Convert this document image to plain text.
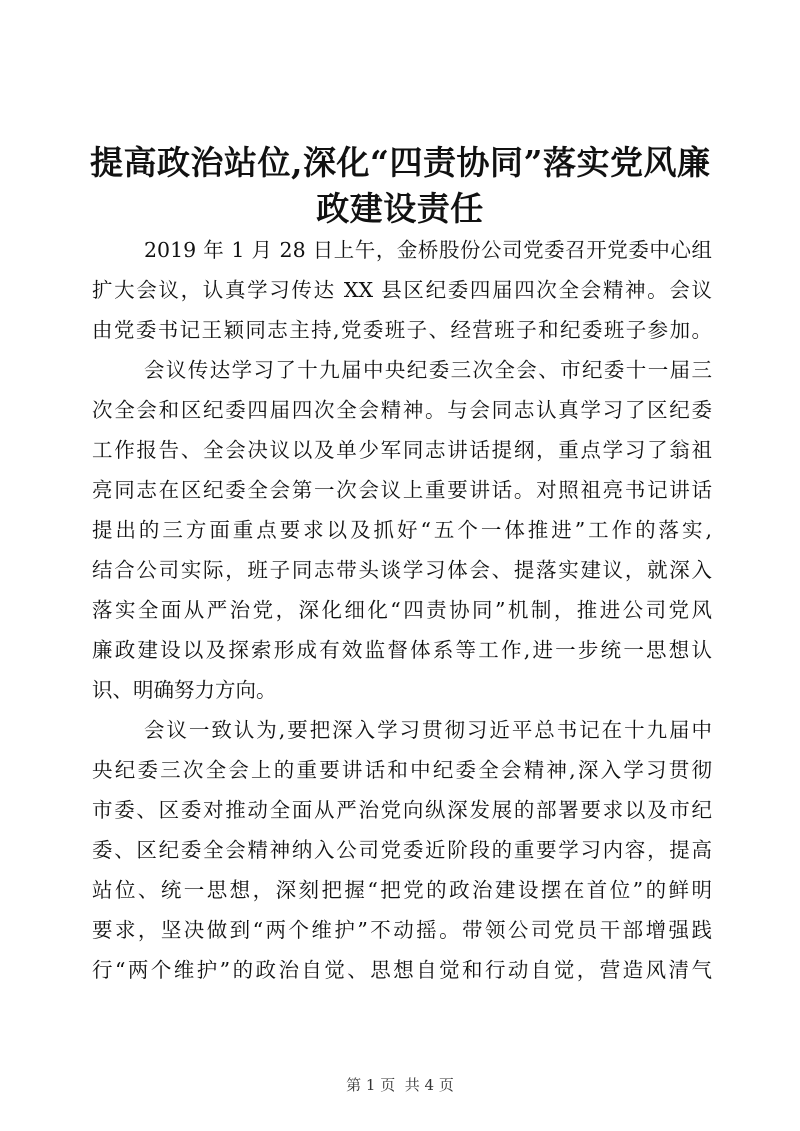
提高政治站位,深化“四责协同”落实党风廉
政建设责任
2019 年 1 月 28 日上午，金桥股份公司党委召开党委中心组
扩大会议，认真学习传达 XX 县区纪委四届四次全会精神。会议
由党委书记王颖同志主持,党委班子、经营班子和纪委班子参加。
会议传达学习了十九届中央纪委三次全会、市纪委十一届三
次全会和区纪委四届四次全会精神。与会同志认真学习了区纪委
工作报告、全会决议以及单少军同志讲话提纲，重点学习了翁祖
亮同志在区纪委全会第一次会议上重要讲话。对照祖亮书记讲话
提出的三方面重点要求以及抓好“五个一体推进”工作的落实,
结合公司实际，班子同志带头谈学习体会、提落实建议，就深入
落实全面从严治党，深化细化“四责协同”机制，推进公司党风
廉政建设以及探索形成有效监督体系等工作,进一步统一思想认
识、明确努力方向。
会议一致认为,要把深入学习贯彻习近平总书记在十九届中
央纪委三次全会上的重要讲话和中纪委全会精神,深入学习贯彻
市委、区委对推动全面从严治党向纵深发展的部署要求以及市纪
委、区纪委全会精神纳入公司党委近阶段的重要学习内容，提高
站位、统一思想，深刻把握“把党的政治建设摆在首位”的鲜明
要求，坚决做到“两个维护”不动摇。带领公司党员干部增强践
行“两个维护”的政治自觉、思想自觉和行动自觉，营造风清气
第 1 页  共 4 页
